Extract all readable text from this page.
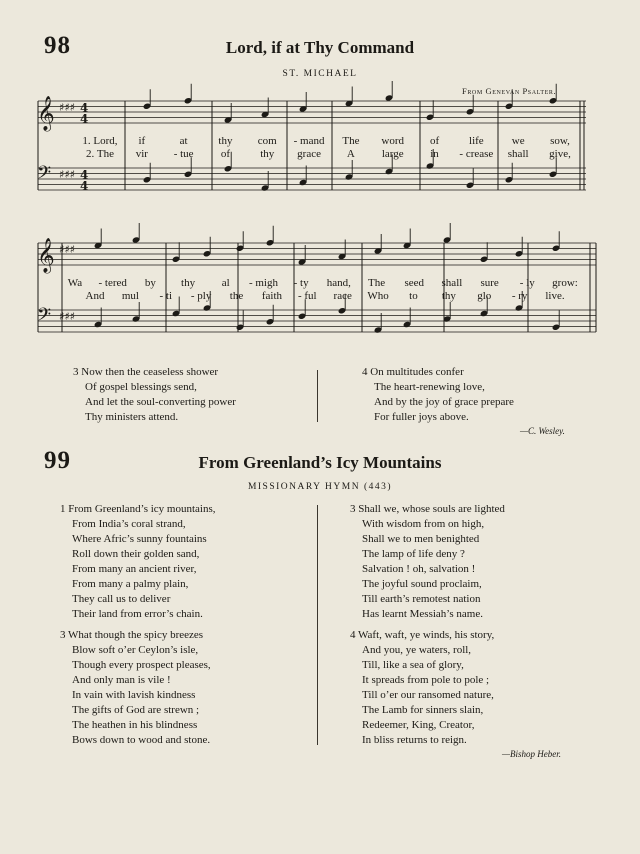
98	Lord, if at Thy Command
ST. MICHAEL
From Genevan Psalter.
𝄞
𝄢
♯♯♯
♯♯♯
4
4
4
4
𝄞
𝄢
♯♯♯
♯♯♯
1. Lord, if	at	thy com - mand The word of	life	we sow,
2. The vir - tue of	thy grace A large in - crease shall give,
Wa - tered by thy al - migh - ty hand, The seed shall sure - ly grow:
And mul - ti - ply the faith - ful race Who to thy glo - ry live.
3 Now then the ceaseless shower
Of gospel blessings send,
And let the soul-converting power
Thy ministers attend.
4 On multitudes confer
The heart-renewing love,
And by the joy of grace prepare
For fuller joys above.
—C. Wesley.
99	From Greenland’s Icy Mountains
MISSIONARY HYMN (443)
1 From Greenland’s icy mountains,
From India’s coral strand,
Where Afric’s sunny fountains
Roll down their golden sand,
From many an ancient river,
From many a palmy plain,
They call us to deliver
Their land from error’s chain.
3 What though the spicy breezes
Blow soft o’er Ceylon’s isle,
Though every prospect pleases,
And only man is vile !
In vain with lavish kindness
The gifts of God are strewn ;
The heathen in his blindness
Bows down to wood and stone.
3 Shall we, whose souls are lighted
With wisdom from on high,
Shall we to men benighted
The lamp of life deny ?
Salvation ! oh, salvation !
The joyful sound proclaim,
Till earth’s remotest nation
Has learnt Messiah’s name.
4 Waft, waft, ye winds, his story,
And you, ye waters, roll,
Till, like a sea of glory,
It spreads from pole to pole ;
Till o’er our ransomed nature,
The Lamb for sinners slain,
Redeemer, King, Creator,
In bliss returns to reign.
—Bishop Heber.
